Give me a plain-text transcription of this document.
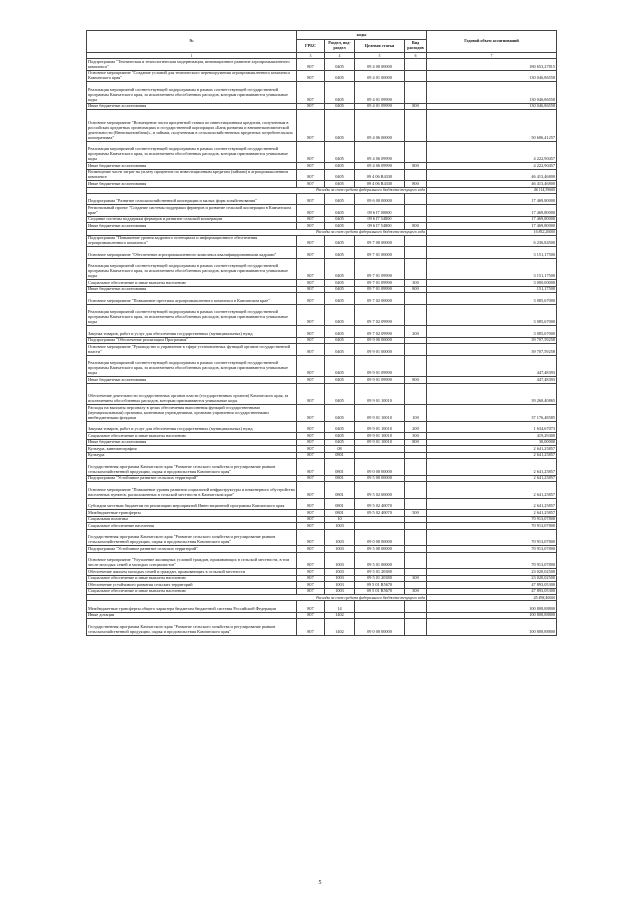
№	коды				Годовой объем ассигнований
	ГРБС	Раздел, под-раздел	Целевая статья	Вид расходов	
1	3	4	5	6	7
Подпрограмма "Техническая и технологическая модернизация, инновационное развитие агропромышленного комплекса"	807	0405	09 4 00 00000		180 653,27815
Основное мероприятие "Создание условий для технического перевооружения агропромышленного комплекса Камчатского края"	807	0405	09 4 01 00000		130 046,86558
Реализация мероприятий соответствующей подпрограммы в рамках соответствующей государственной программы Камчатского края, за исключением обособленных расходов, которым присваиваются уникальные коды	807	0405	09 4 01 09990		130 046,86558
Иные бюджетные ассигнования	807	0405	09 4 01 09990	800	130 046,86558
Основное мероприятие "Возмещение части процентной ставки по инвестиционным кредитам, полученным в российских кредитных организациях и государственной корпорации «Банк развития и внешнеэкономической деятельности (Внешэкономбанк)», и займам, полученным в сельскохозяйственных кредитных потребительских кооперативах"	807	0405	09 4 06 00000		50 606,41257
Реализация мероприятий соответствующей подпрограммы в рамках соответствующей государственной программы Камчатского края, за исключением обособленных расходов, которым присваиваются уникальные коды	807	0405	09 4 06 09990		4 222,90457
Иные бюджетные ассигнования	807	0405	09 4 06 09990	800	4 222,90457
Возмещение части затрат на уплату процентов по инвестиционным кредитам (займам) в агропромышленном комплексе	807	0405	09 4 06 R4330		46 413,46800
Иные бюджетные ассигнования	807	0405	09 4 06 R4330	800	46 413,46800
Расходы за счет средств федерального бюджета текущего года					46 114,39600
Подпрограмма "Развитие сельскохозяйственной кооперации и малых форм хозяйствования"	807	0405	09 6 00 00000		17 469,80000
Региональный проект "Создание системы поддержки фермеров и развитие сельской кооперации в Камчатском крае"	807	0405	09 6 I7 00000		17 469,80000
Создание системы поддержки фермеров и развитие сельской кооперации	807	0405	09 6 I7 54800		17 469,80000
Иные бюджетные ассигнования	807	0405	09 6 I7 54800	800	17 469,80000
Расходы за счет средств федерального бюджета текущего года					16 852,20000
Подпрограмма "Повышение уровня кадрового потенциала и информационного обеспечения агропромышленного комплекса"	807	0405	09 7 00 00000		6 236,84500
Основное мероприятие "Обеспечение агропромышленного комплекса квалифицированными кадрами"	807	0405	09 7 01 00000		3 151,17500
Реализация мероприятий соответствующей подпрограммы в рамках соответствующей государственной программы Камчатского края, за исключением обособленных расходов, которым присваиваются уникальные коды	807	0405	09 7 01 09990		3 151,17500
Социальное обеспечение и иные выплаты населению	807	0405	09 7 01 09990	300	3 000,00000
Иные бюджетные ассигнования	807	0405	09 7 01 09990	800	151,17500
Основное мероприятие "Повышение престижа агропромышленного комплекса в Камчатском крае"	807	0405	09 7 02 00000		3 085,67000
Реализация мероприятий соответствующей подпрограммы в рамках соответствующей государственной программы Камчатского края, за исключением обособленных расходов, которым присваиваются уникальные коды	807	0405	09 7 02 09990		3 085,67000
Закупка товаров, работ и услуг для обеспечения государственных (муниципальных) нужд	807	0405	09 7 02 09990	200	3 085,67000
Подпрограмма "Обеспечение реализации Программы"	807	0405	09 9 00 00000		39 707,59258
Основное мероприятие "Руководство и управление в сфере установленных функций органов государственной власти"	807	0405	09 9 01 00000		39 707,59258
Реализация мероприятий соответствующей подпрограммы в рамках соответствующей государственной программы Камчатского края, за исключением обособленных расходов, которым присваиваются уникальные коды	807	0405	09 9 01 09990		447,48393
Иные бюджетные ассигнования	807	0405	09 9 01 09990	800	447,48393
Обеспечение деятельности государственных органов власти (государственных органов) Камчатского края, за исключением обособленных расходов, которым присваиваются уникальные коды	807	0405	09 9 01 10010		39 260,40865
Расходы на выплаты персоналу в целях обеспечения выполнения функций государственными (муниципальными) органами, казенными учреждениями, органами управления государственными внебюджетными фондами	807	0405	09 9 01 10010	100	37 176,48585
Закупка товаров, работ и услуг для обеспечения государственных (муниципальных) нужд	807	0405	09 9 01 10010	200	1 634,67073
Социальное обеспечение и иные выплаты населению	807	0405	09 9 01 10010	300	419,29400
Иные бюджетные ассигнования	807	0405	09 9 01 10010	800	30,00000
Культура, кинематография	807	08			2 641,25857
Культура	807	0801			2 641,25857
Государственная программа Камчатского края "Развитие сельского хозяйства и регулирование рынков сельскохозяйственной продукции, сырья и продовольствия Камчатского края"	807	0801	09 0 00 00000		2 641,25857
Подпрограмма "Устойчивое развитие сельских территорий"	807	0801	09 5 00 00000		2 641,25857
Основное мероприятие "Повышение уровня развития социальной инфраструктуры и инженерного обустройства населенных пунктов, расположенных в сельской местности в Камчатском крае"	807	0801	09 5 02 00000		2 641,25857
Субсидии местным бюджетам на реализацию мероприятий Инвестиционной программы Камчатского края	807	0801	09 5 02 40070		2 641,25857
Межбюджетные трансферты	807	0801	09 5 02 40070	500	2 641,25857
Социальная политика	807	10			70 913,07800
Социальное обеспечение населения	807	1003			70 913,07800
Государственная программа Камчатского края "Развитие сельского хозяйства и регулирование рынков сельскохозяйственной продукции, сырья и продовольствия Камчатского края"	807	1003	09 0 00 00000		70 913,07800
Подпрограмма "Устойчивое развитие сельских территорий"	807	1003	09 5 00 00000		70 913,07800
Основное мероприятие "Улучшение жилищных условий граждан, проживающих в сельской местности, в том числе молодых семей и молодых специалистов"	807	1003	09 5 01 00000		70 913,07800
Обеспечение жильем молодых семей и граждан, проживающих в сельской местности	807	1003	09 5 01 20380		23 020,02500
Социальное обеспечение и иные выплаты населению	807	1003	09 5 01 20380	300	23 020,02500
Обеспечение устойчивого развития сельских территорий	807	1003	09 5 01 R5670		47 893,05300
Социальное обеспечение и иные выплаты населению	807	1003	09 5 01 R5670	300	47 893,05300
Расходы за счет средств федерального бюджета текущего года					45 498,40000
Межбюджетные трансферты общего характера бюджетам бюджетной системы Российской Федерации	807	14			100 808,88800
Иные дотации	807	1402			100 808,88800
Государственная программа Камчатского края "Развитие сельского хозяйства и регулирование рынков сельскохозяйственной продукции, сырья и продовольствия Камчатского края"	807	1402	09 0 00 00000		100 808,88800
5
